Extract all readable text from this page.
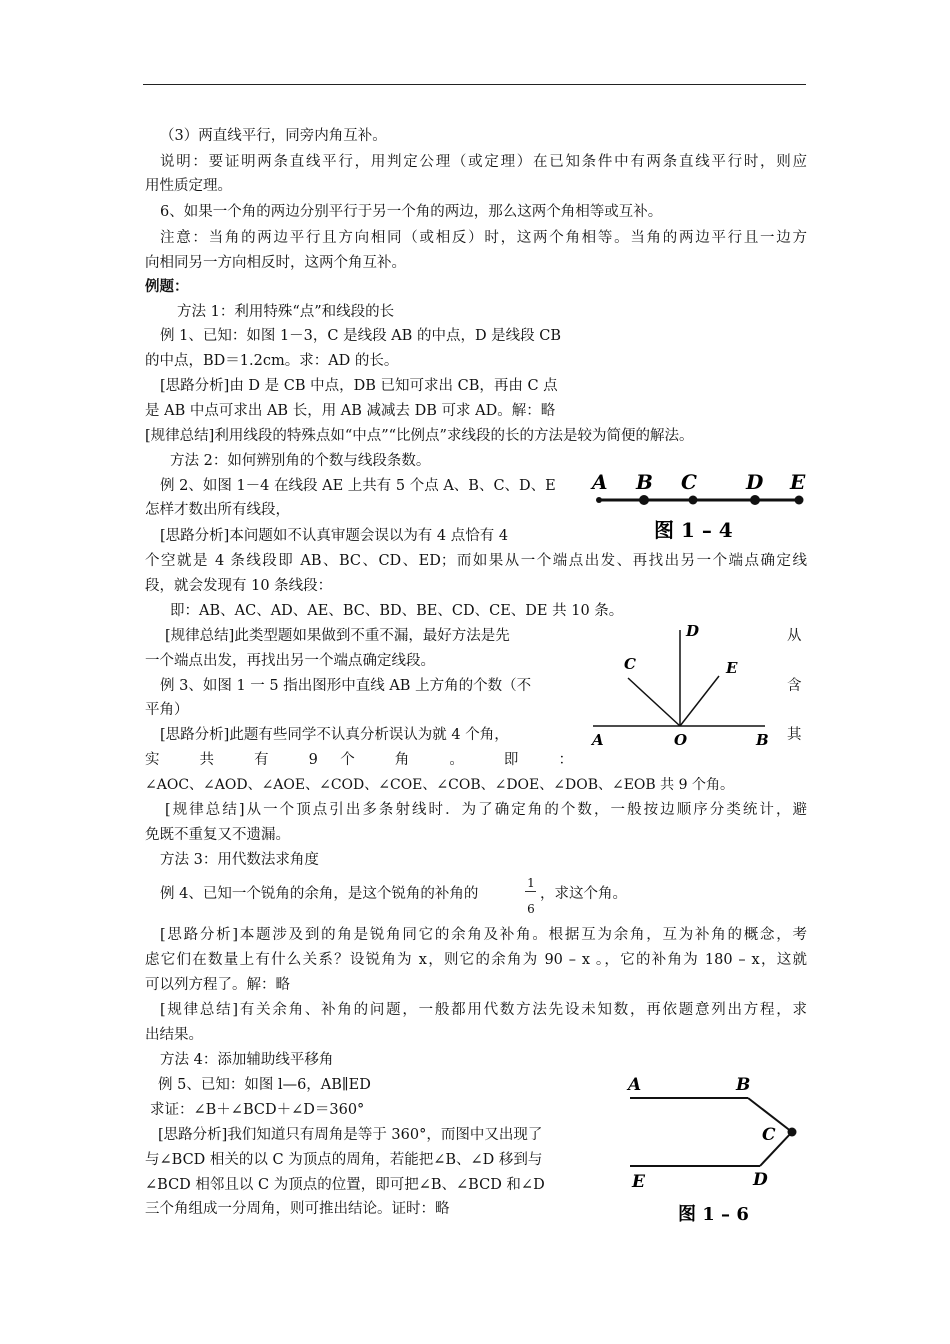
（3）两直线平行，同旁内角互补。
说明：要证明两条直线平行，用判定公理（或定理）在已知条件中有两条直线平行时，则应
用性质定理。
6、如果一个角的两边分别平行于另一个角的两边，那么这两个角相等或互补。
注意：当角的两边平行且方向相同（或相反）时，这两个角相等。当角的两边平行且一边方
向相同另一方向相反时，这两个角互补。
例题：
方法 1：利用特殊“点”和线段的长
例 1、已知：如图 1－3，C 是线段 AB 的中点，D 是线段 CB
的中点，BD＝1.2cm。求：AD 的长。
[思路分析]由 D 是 CB 中点，DB 已知可求出 CB，再由 C 点
是 AB 中点可求出 AB 长，用 AB 减减去 DB 可求 AD。解：略
[规律总结]利用线段的特殊点如“中点”“比例点”求线段的长的方法是较为简便的解法。
方法 2：如何辨别角的个数与线段条数。
例 2、如图 1－4 在线段 AE 上共有 5 个点 A、B、C、D、E
怎样才数出所有线段，
[思路分析]本问题如不认真审题会误以为有 4 点恰有 4
个空就是 4 条线段即 AB、BC、CD、ED；而如果从一个端点出发、再找出另一个端点确定线
段，就会发现有 10 条线段：
即：AB、AC、AD、AE、BC、BD、BE、CD、CE、DE 共 10 条。
[规律总结]此类型题如果做到不重不漏，最好方法是先	从
一个端点出发，再找出另一个端点确定线段。
例 3、如图 1 一 5 指出图形中直线 AB 上方角的个数（不	含
平角）
[思路分析]此题有些同学不认真分析误认为就 4 个角，	其
实 共 有 9 个 角 。 即 ：
∠AOC、∠AOD、∠AOE、∠COD、∠COE、∠COB、∠DOE、∠DOB、∠EOB 共 9 个角。
[规律总结]从一个顶点引出多条射线时．为了确定角的个数，一般按边顺序分类统计，避
免既不重复又不遗漏。
方法 3：用代数法求角度
例 4、已知一个锐角的余角，是这个锐角的补角的	，求这个角。
1
6
[思路分析]本题涉及到的角是锐角同它的余角及补角。根据互为余角，互为补角的概念，考
虑它们在数量上有什么关系？设锐角为 x，则它的余角为 90 – x 。，它的补角为 180 – x，这就
可以列方程了。解：略
[规律总结]有关余角、补角的问题，一般都用代数方法先设未知数，再依题意列出方程，求
出结果。
方法 4：添加辅助线平移角
例 5、已知：如图 l—6，AB∥ED
求证：∠B＋∠BCD＋∠D＝360°
[思路分析]我们知道只有周角是等于 360°，而图中又出现了
与∠BCD 相关的以 C 为顶点的周角，若能把∠B、∠D 移到与
∠BCD 相邻且以 C 为顶点的位置，即可把∠B、∠BCD 和∠D
三个角组成一分周角，则可推出结论。证时：略
A B C D E
图 1 – 4
D
C	E
A	O	B
A	B
C
E	D
图 1 – 6
